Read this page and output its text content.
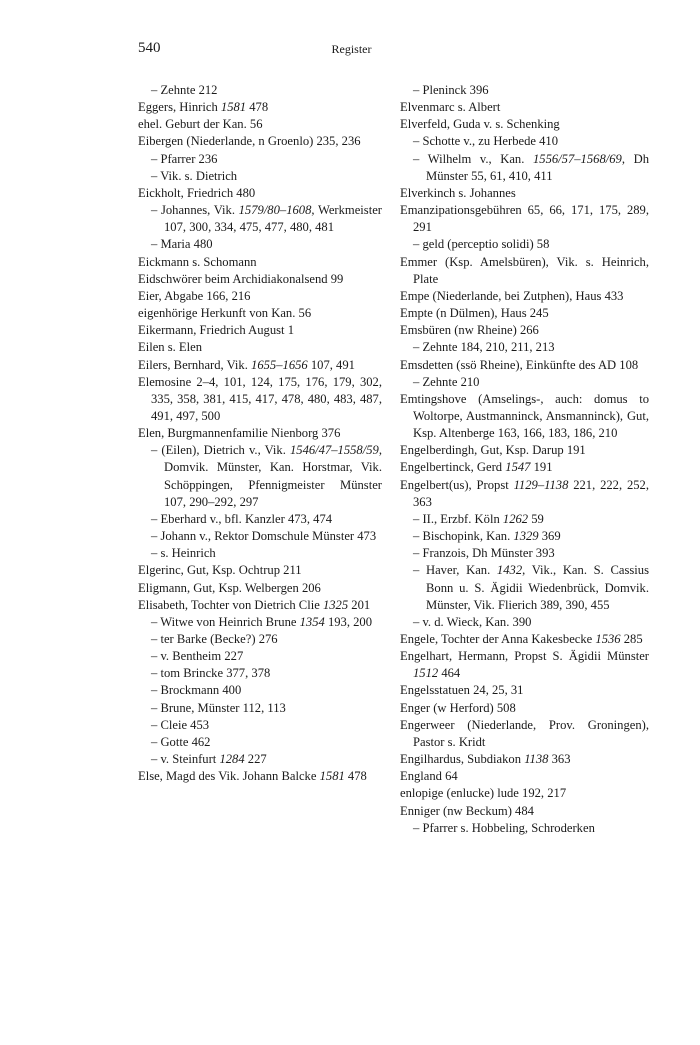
540	Register
– Zehnte 212
Eggers, Hinrich 1581 478
ehel. Geburt der Kan. 56
Eibergen (Niederlande, n Groenlo) 235, 236
– Pfarrer 236
– Vik. s. Dietrich
Eickholt, Friedrich 480
– Johannes, Vik. 1579/80–1608, Werkmeister 107, 300, 334, 475, 477, 480, 481
– Maria 480
Eickmann s. Schomann
Eidschwörer beim Archidiakonalsend 99
Eier, Abgabe 166, 216
eigenhörige Herkunft von Kan. 56
Eikermann, Friedrich August 1
Eilen s. Elen
Eilers, Bernhard, Vik. 1655–1656 107, 491
Elemosine 2–4, 101, 124, 175, 176, 179, 302, 335, 358, 381, 415, 417, 478, 480, 483, 487, 491, 497, 500
Elen, Burgmannenfamilie Nienborg 376
– (Eilen), Dietrich v., Vik. 1546/47–1558/59, Domvik. Münster, Kan. Horstmar, Vik. Schöppingen, Pfennigmeister Münster 107, 290–292, 297
– Eberhard v., bfl. Kanzler 473, 474
– Johann v., Rektor Domschule Münster 473
– s. Heinrich
Elgerinc, Gut, Ksp. Ochtrup 211
Eligmann, Gut, Ksp. Welbergen 206
Elisabeth, Tochter von Dietrich Clie 1325 201
– Witwe von Heinrich Brune 1354 193, 200
– ter Barke (Becke?) 276
– v. Bentheim 227
– tom Brincke 377, 378
– Brockmann 400
– Brune, Münster 112, 113
– Cleie 453
– Gotte 462
– v. Steinfurt 1284 227
Else, Magd des Vik. Johann Balcke 1581 478
– Pleninck 396
Elvenmarc s. Albert
Elverfeld, Guda v. s. Schenking
– Schotte v., zu Herbede 410
– Wilhelm v., Kan. 1556/57–1568/69, Dh Münster 55, 61, 410, 411
Elverkinch s. Johannes
Emanzipationsgebühren 65, 66, 171, 175, 289, 291
– geld (perceptio solidi) 58
Emmer (Ksp. Amelsbüren), Vik. s. Heinrich, Plate
Empe (Niederlande, bei Zutphen), Haus 433
Empte (n Dülmen), Haus 245
Emsbüren (nw Rheine) 266
– Zehnte 184, 210, 211, 213
Emsdetten (ssö Rheine), Einkünfte des AD 108
– Zehnte 210
Emtingshove (Amselings-, auch: domus to Woltorpe, Austmanninck, Ansmanninck), Gut, Ksp. Altenberge 163, 166, 183, 186, 210
Engelberdingh, Gut, Ksp. Darup 191
Engelbertinck, Gerd 1547 191
Engelbert(us), Propst 1129–1138 221, 222, 252, 363
– II., Erzbf. Köln 1262 59
– Bischopink, Kan. 1329 369
– Franzois, Dh Münster 393
– Haver, Kan. 1432, Vik., Kan. S. Cassius Bonn u. S. Ägidii Wiedenbrück, Domvik. Münster, Vik. Flierich 389, 390, 455
– v. d. Wieck, Kan. 390
Engele, Tochter der Anna Kakesbecke 1536 285
Engelhart, Hermann, Propst S. Ägidii Münster 1512 464
Engelsstatuen 24, 25, 31
Enger (w Herford) 508
Engerweer (Niederlande, Prov. Groningen), Pastor s. Kridt
Engilhardus, Subdiakon 1138 363
England 64
enlopige (enlucke) lude 192, 217
Enniger (nw Beckum) 484
– Pfarrer s. Hobbeling, Schroderken
